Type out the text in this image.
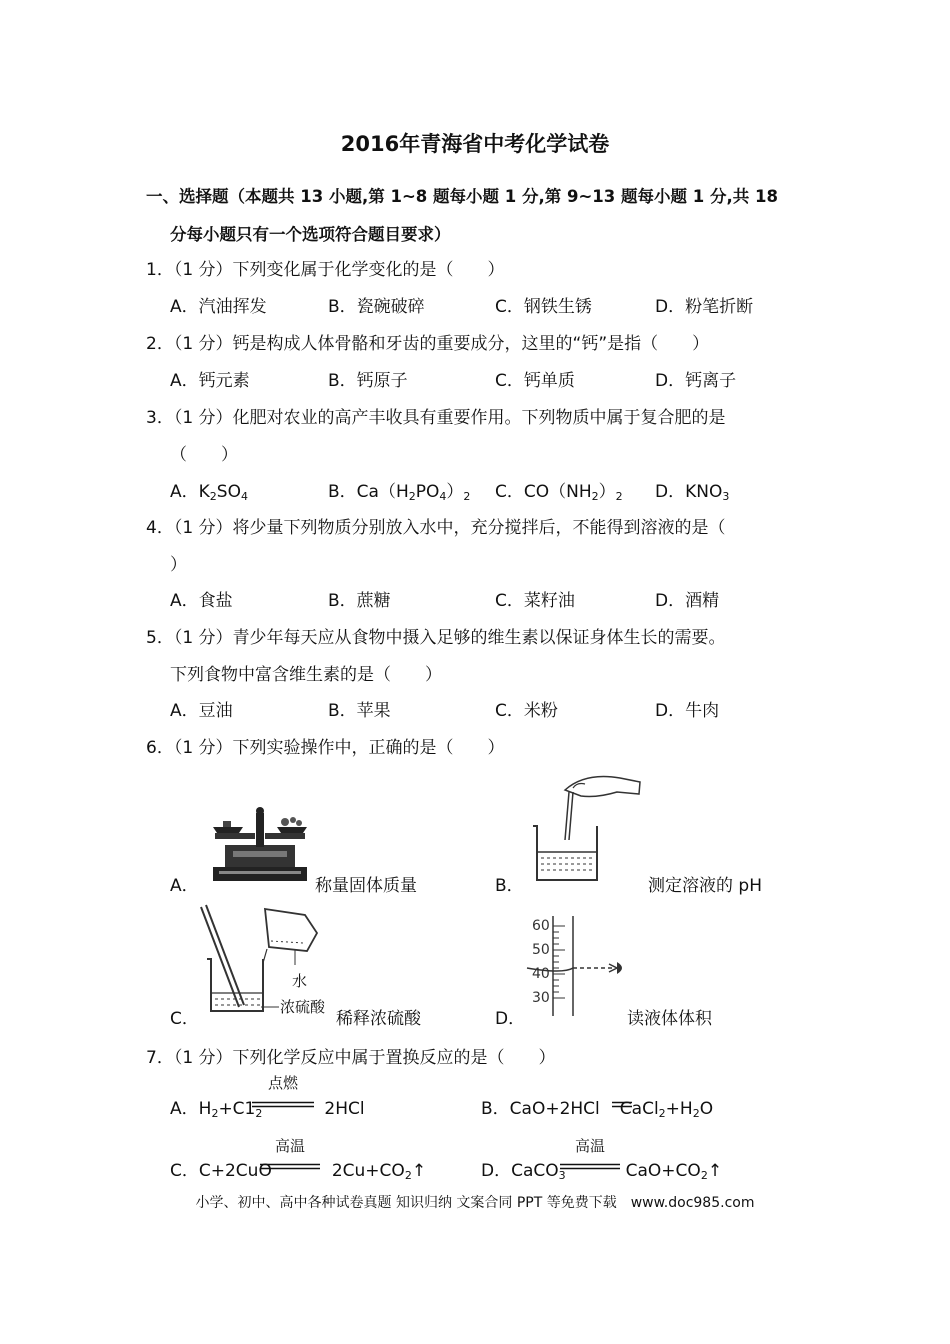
2016年青海省中考化学试卷
一、选择题（本题共 13 小题,第 1~8 题每小题 1 分,第 9~13 题每小题 1 分,共 18
分每小题只有一个选项符合题目要求）
1．（1 分）下列变化属于化学变化的是（　　）
A．汽油挥发	B．瓷碗破碎	C．钢铁生锈	D．粉笔折断
2．（1 分）钙是构成人体骨骼和牙齿的重要成分，这里的“钙”是指（　　）
A．钙元素	B．钙原子	C．钙单质	D．钙离子
3．（1 分）化肥对农业的高产丰收具有重要作用。下列物质中属于复合肥的是
（　　）
A．$K_2SO_4$	B．$Ca(H_2PO_4)_2$ C．$CO(NH_2)_2$ D．$KNO_3$
4．（1 分）将少量下列物质分别放入水中，充分搅拌后，不能得到溶液的是（
）
A．食盐	B．蔗糖	C．菜籽油	D．酒精
5．（1 分）青少年每天应从食物中摄入足够的维生素以保证身体生长的需要。
下列食物中富含维生素的是（　　）
A．豆油	B．苹果	C．米粉	D．牛肉
6．（1 分）下列实验操作中，正确的是（　　）
A．	称量固体质量	B．	测定溶液的 pH
C．
水
浓硫酸
稀释浓硫酸	D．
60
50
40
30
读液体体积
7．（1 分）下列化学反应中属于置换反应的是（　　）
A．$H_2+C1_2$	2HCl
点燃
B．CaO+2HCl $CaCl_2+H_2O$
C．C+2CuO	$2Cu+CO_2↑$
高温
D．CaCO$_3$	$CaO+CO_2↑$
高温
小学、初中、高中各种试卷真题 知识归纳 文案合同 PPT 等免费下载　www.doc985.com
